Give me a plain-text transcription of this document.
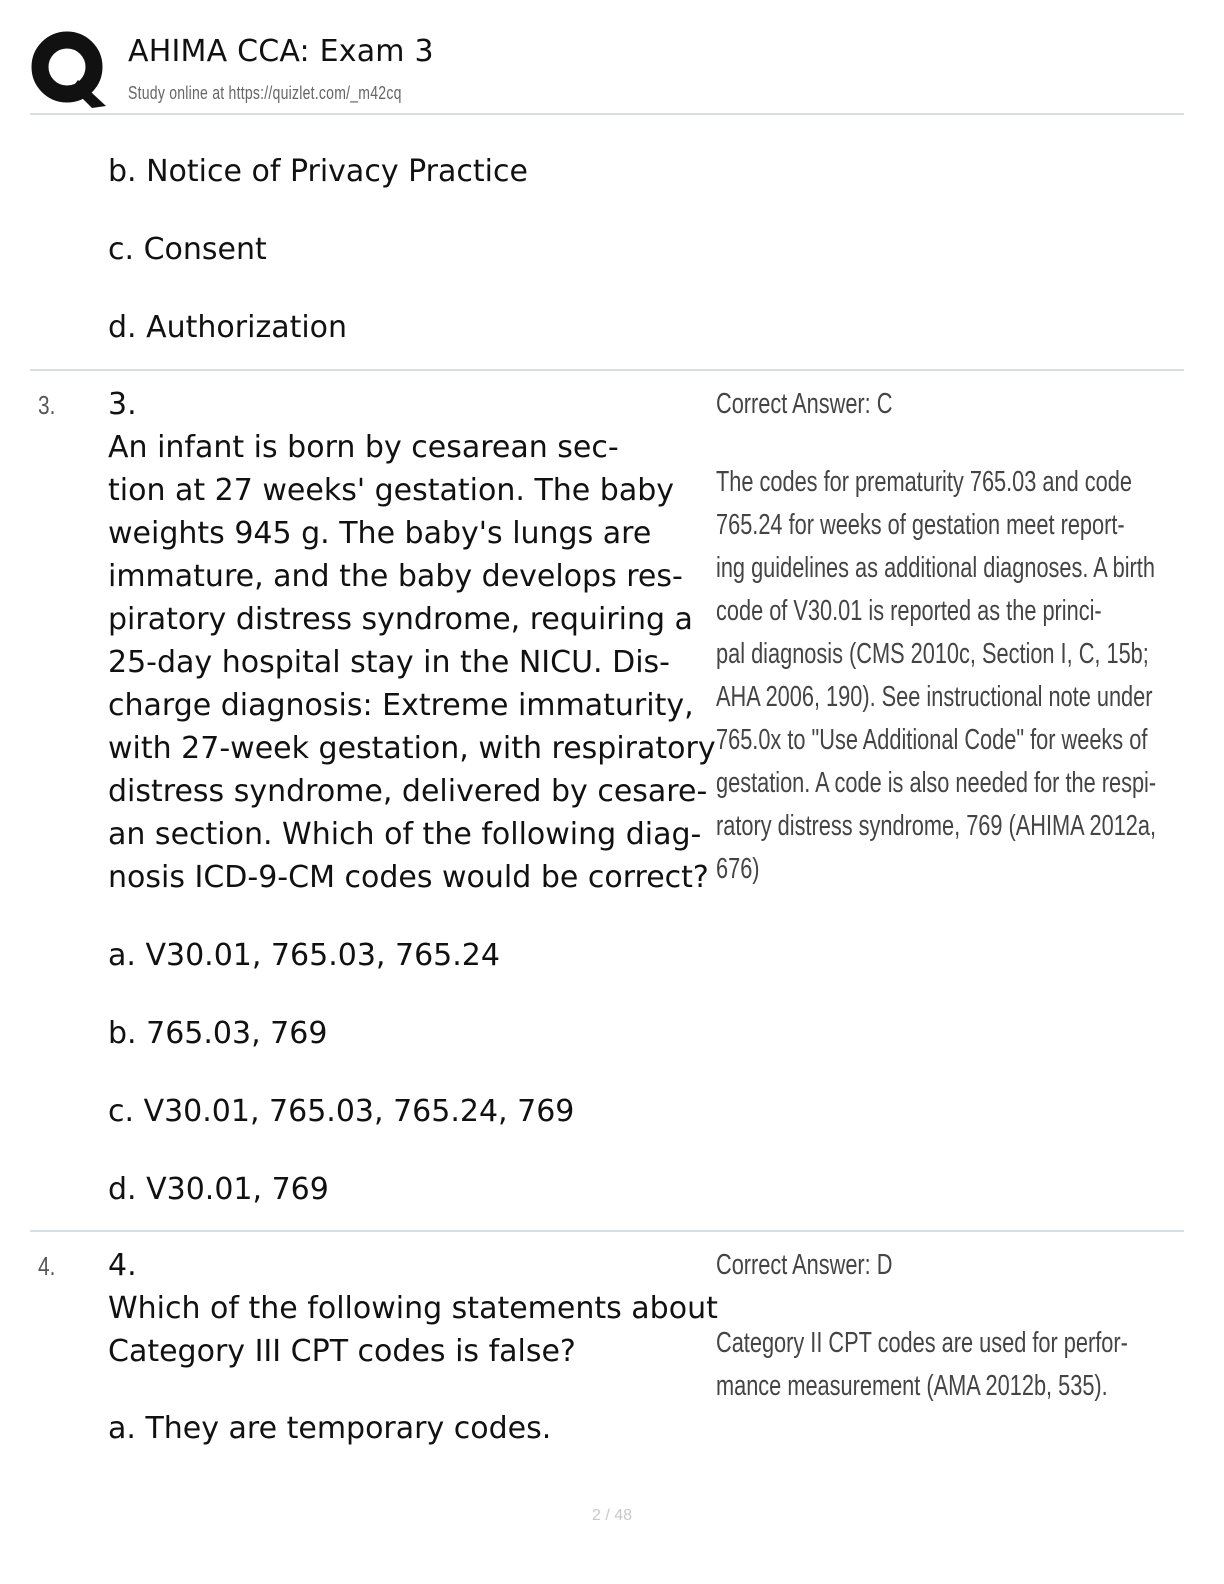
AHIMA CCA: Exam 3
Study online at https://quizlet.com/_m42cq
b. Notice of Privacy Practice
c. Consent
d. Authorization
3. 3.
An infant is born by cesarean sec-
tion at 27 weeks' gestation. The baby
weights 945 g. The baby's lungs are
immature, and the baby develops res-
piratory distress syndrome, requiring a
25-day hospital stay in the NICU. Dis-
charge diagnosis: Extreme immaturity,
with 27-week gestation, with respiratory
distress syndrome, delivered by cesare-
an section. Which of the following diag-
nosis ICD-9-CM codes would be correct?
Correct Answer: C
The codes for prematurity 765.03 and code
765.24 for weeks of gestation meet report-
ing guidelines as additional diagnoses. A birth
code of V30.01 is reported as the princi-
pal diagnosis (CMS 2010c, Section I, C, 15b;
AHA 2006, 190). See instructional note under
765.0x to "Use Additional Code" for weeks of
gestation. A code is also needed for the respi-
ratory distress syndrome, 769 (AHIMA 2012a,
676)
a. V30.01, 765.03, 765.24
b. 765.03, 769
c. V30.01, 765.03, 765.24, 769
d. V30.01, 769
4. 4.
Which of the following statements about
Category III CPT codes is false?
Correct Answer: D
Category II CPT codes are used for perfor-
mance measurement (AMA 2012b, 535).
a. They are temporary codes.
2 / 48
